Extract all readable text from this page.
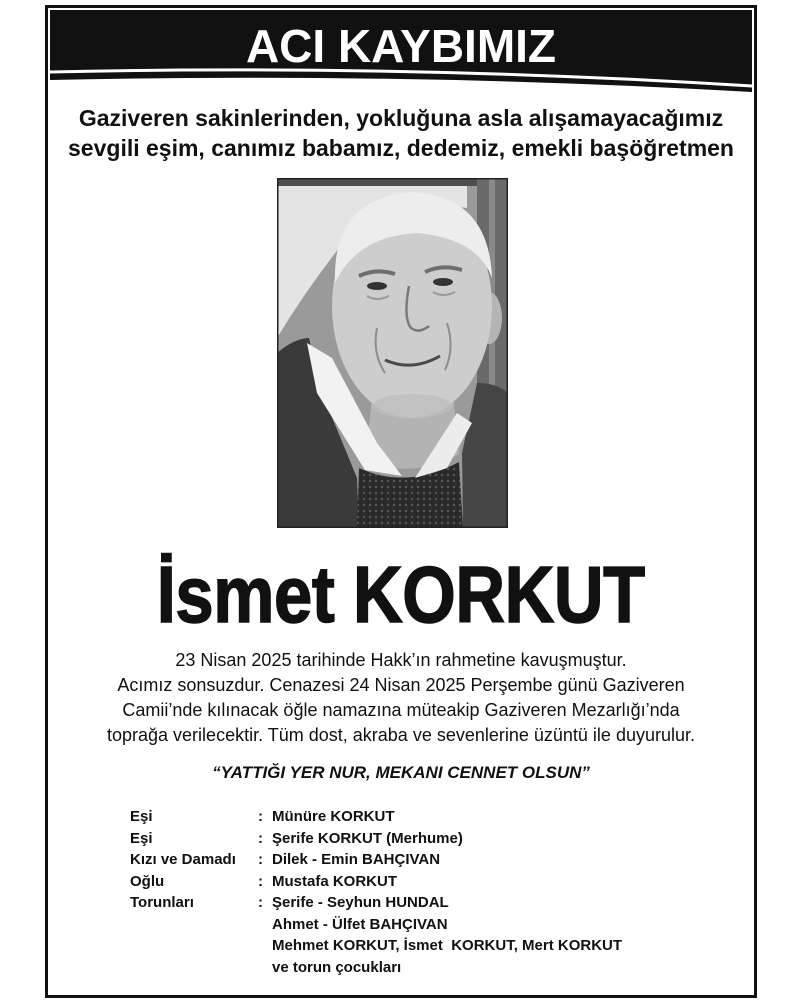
ACI KAYBIMIZ
Gaziveren sakinlerinden, yokluğuna asla alışamayacağımız
sevgili eşim, canımız babamız, dedemiz, emekli başöğretmen
İsmet KORKUT
23 Nisan 2025 tarihinde Hakk’ın rahmetine kavuşmuştur.
Acımız sonsuzdur. Cenazesi 24 Nisan 2025 Perşembe günü Gaziveren
Camii’nde kılınacak öğle namazına müteakip Gaziveren Mezarlığı’nda
toprağa verilecektir. Tüm dost, akraba ve sevenlerine üzüntü ile duyurulur.
“YATTIĞI YER NUR, MEKANI CENNET OLSUN”
Eşi	: Münüre KORKUT
Eşi	: Şerife KORKUT (Merhume)
Kızı ve Damadı	: Dilek - Emin BAHÇIVAN
Oğlu	: Mustafa KORKUT
Torunları	: Şerife - Seyhun HUNDAL
Ahmet - Ülfet BAHÇIVAN
Mehmet KORKUT, İsmet  KORKUT, Mert KORKUT
ve torun çocukları
